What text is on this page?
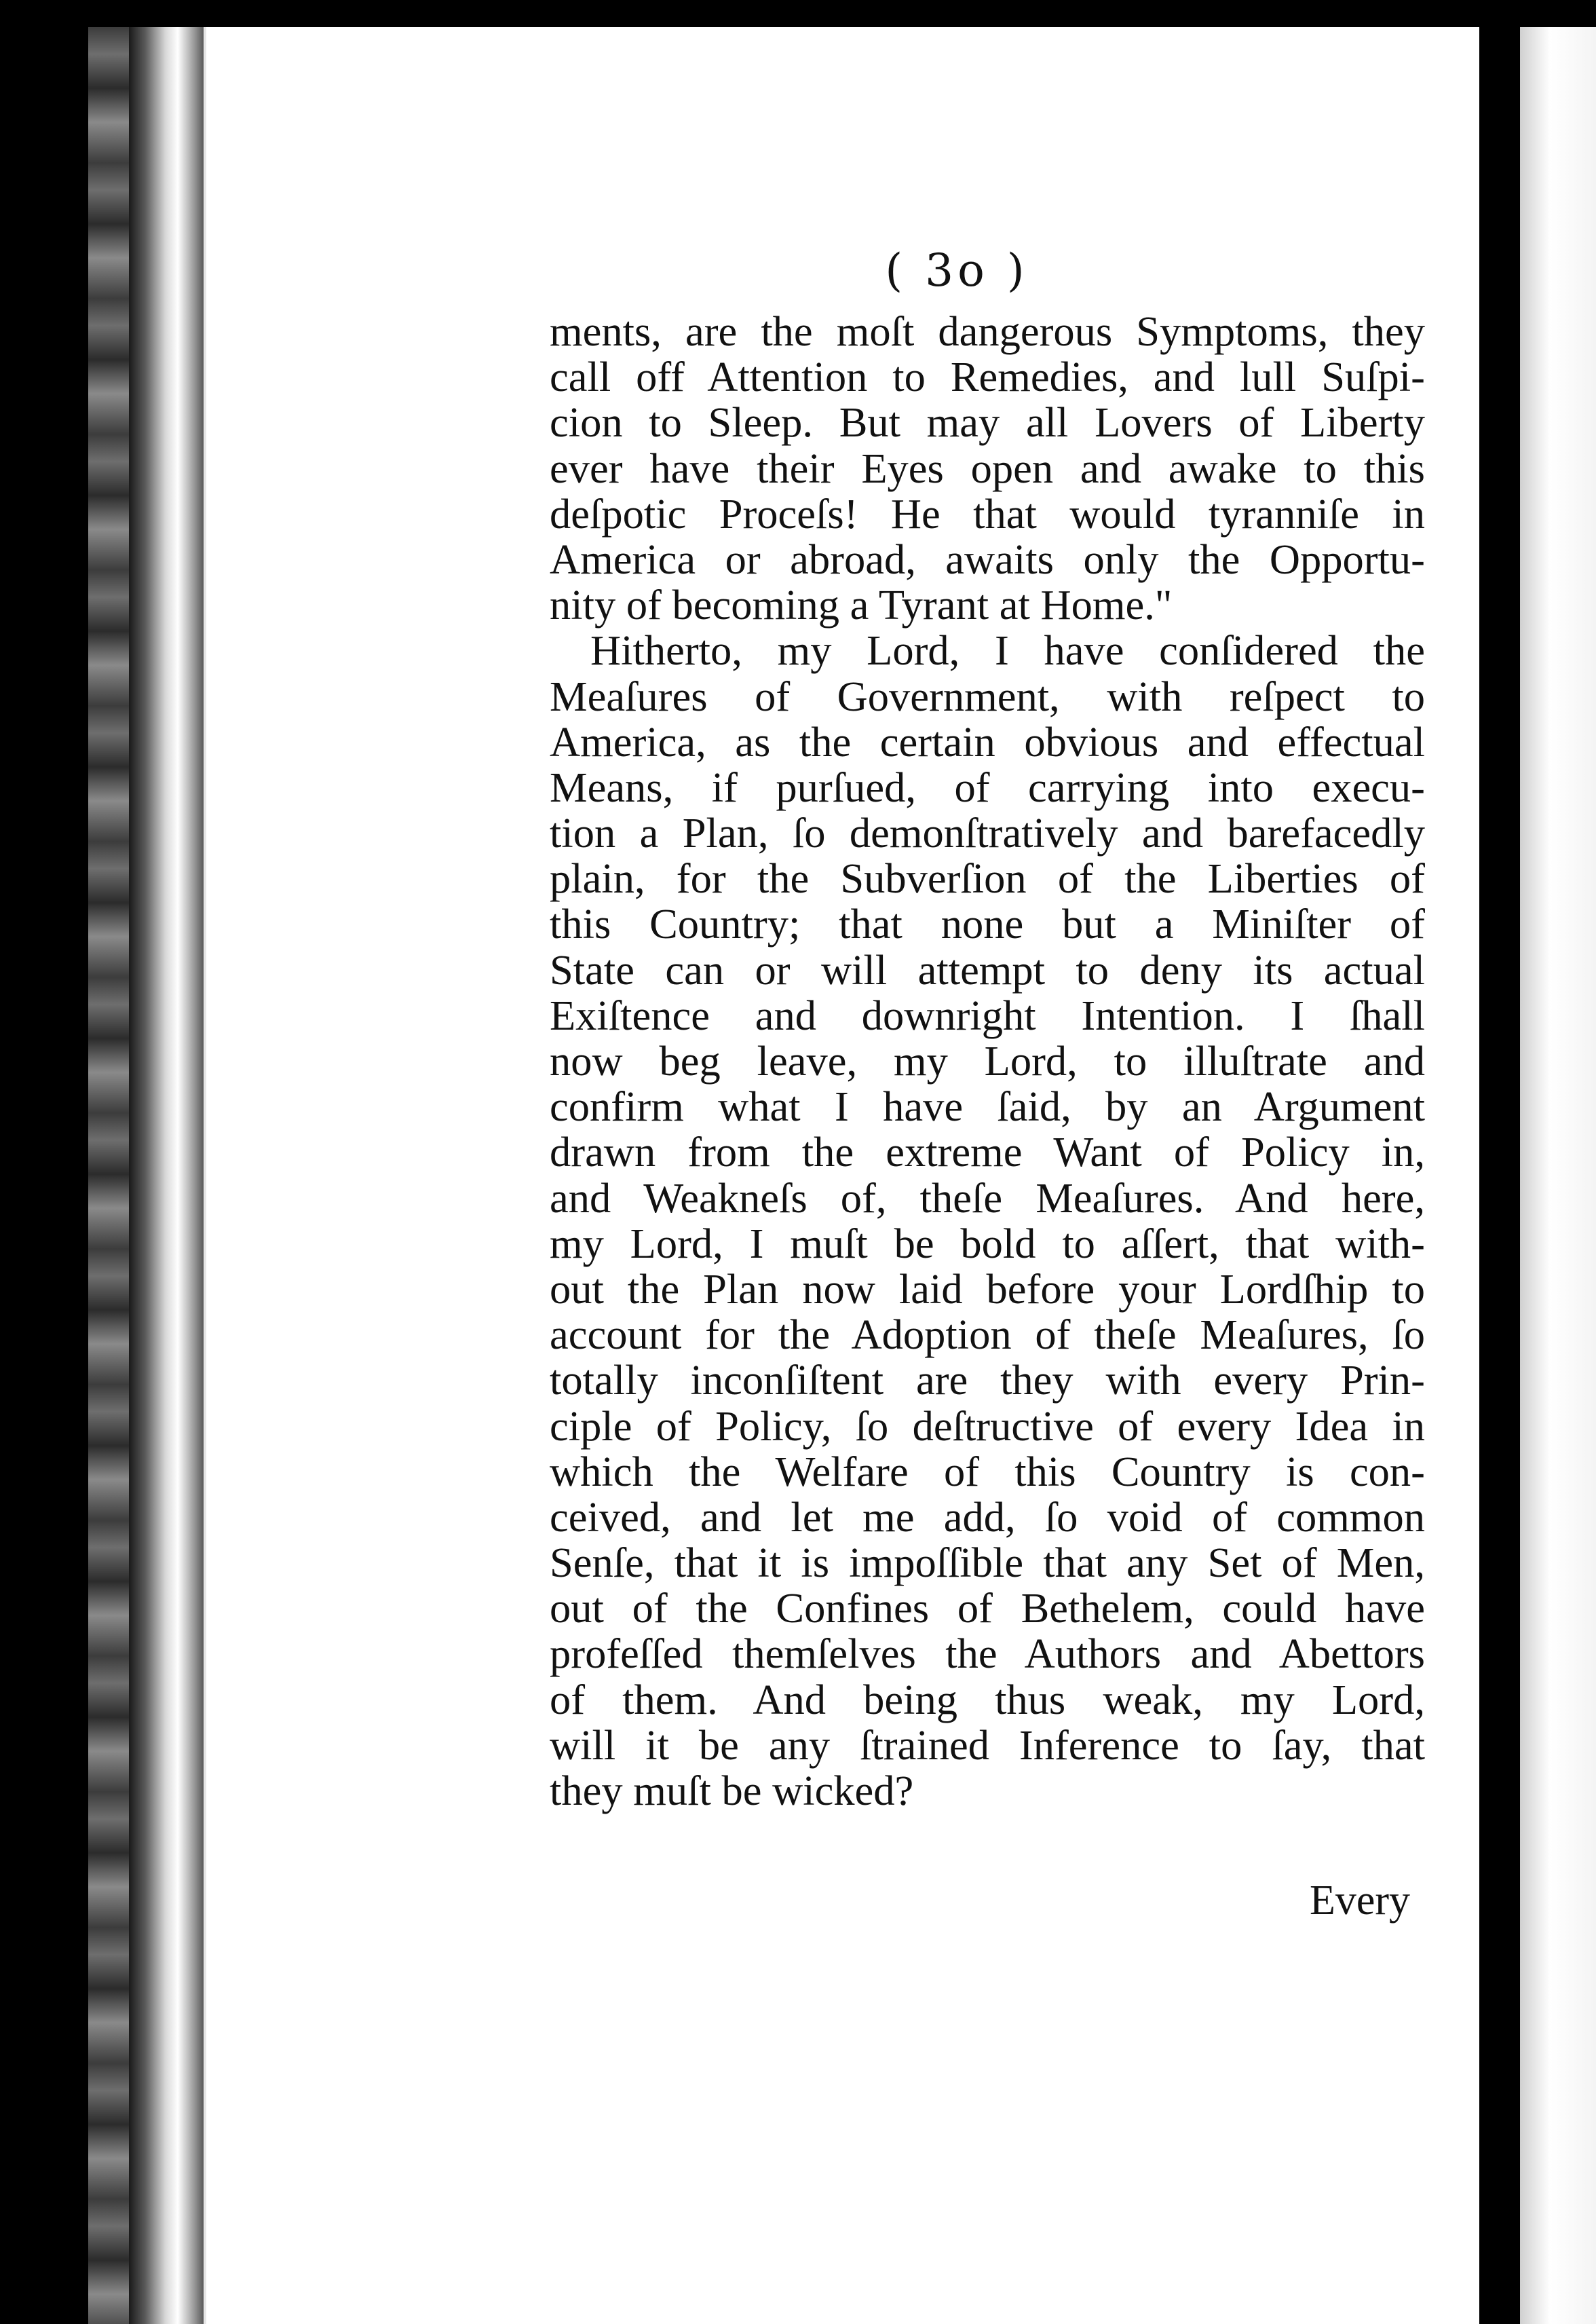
( 3o )
ments, are the moſt dangerous Symptoms, they
call off Attention to Remedies, and lull Suſpi-
cion to Sleep. But may all Lovers of Liberty
ever have their Eyes open and awake to this
deſpotic Proceſs! He that would tyranniſe in
America or abroad, awaits only the Opportu-
nity of becoming a Tyrant at Home."
Hitherto, my Lord, I have conſidered the
Meaſures of Government, with reſpect to
America, as the certain obvious and effectual
Means, if purſued, of carrying into execu-
tion a Plan, ſo demonſtratively and barefacedly
plain, for the Subverſion of the Liberties of
this Country; that none but a Miniſter of
State can or will attempt to deny its actual
Exiſtence and downright Intention. I ſhall
now beg leave, my Lord, to illuſtrate and
confirm what I have ſaid, by an Argument
drawn from the extreme Want of Policy in,
and Weakneſs of, theſe Meaſures. And here,
my Lord, I muſt be bold to aſſert, that with-
out the Plan now laid before your Lordſhip to
account for the Adoption of theſe Meaſures, ſo
totally inconſiſtent are they with every Prin-
ciple of Policy, ſo deſtructive of every Idea in
which the Welfare of this Country is con-
ceived, and let me add, ſo void of common
Senſe, that it is impoſſible that any Set of Men,
out of the Confines of Bethelem, could have
profeſſed themſelves the Authors and Abettors
of them. And being thus weak, my Lord,
will it be any ſtrained Inference to ſay, that
they muſt be wicked?
Every
